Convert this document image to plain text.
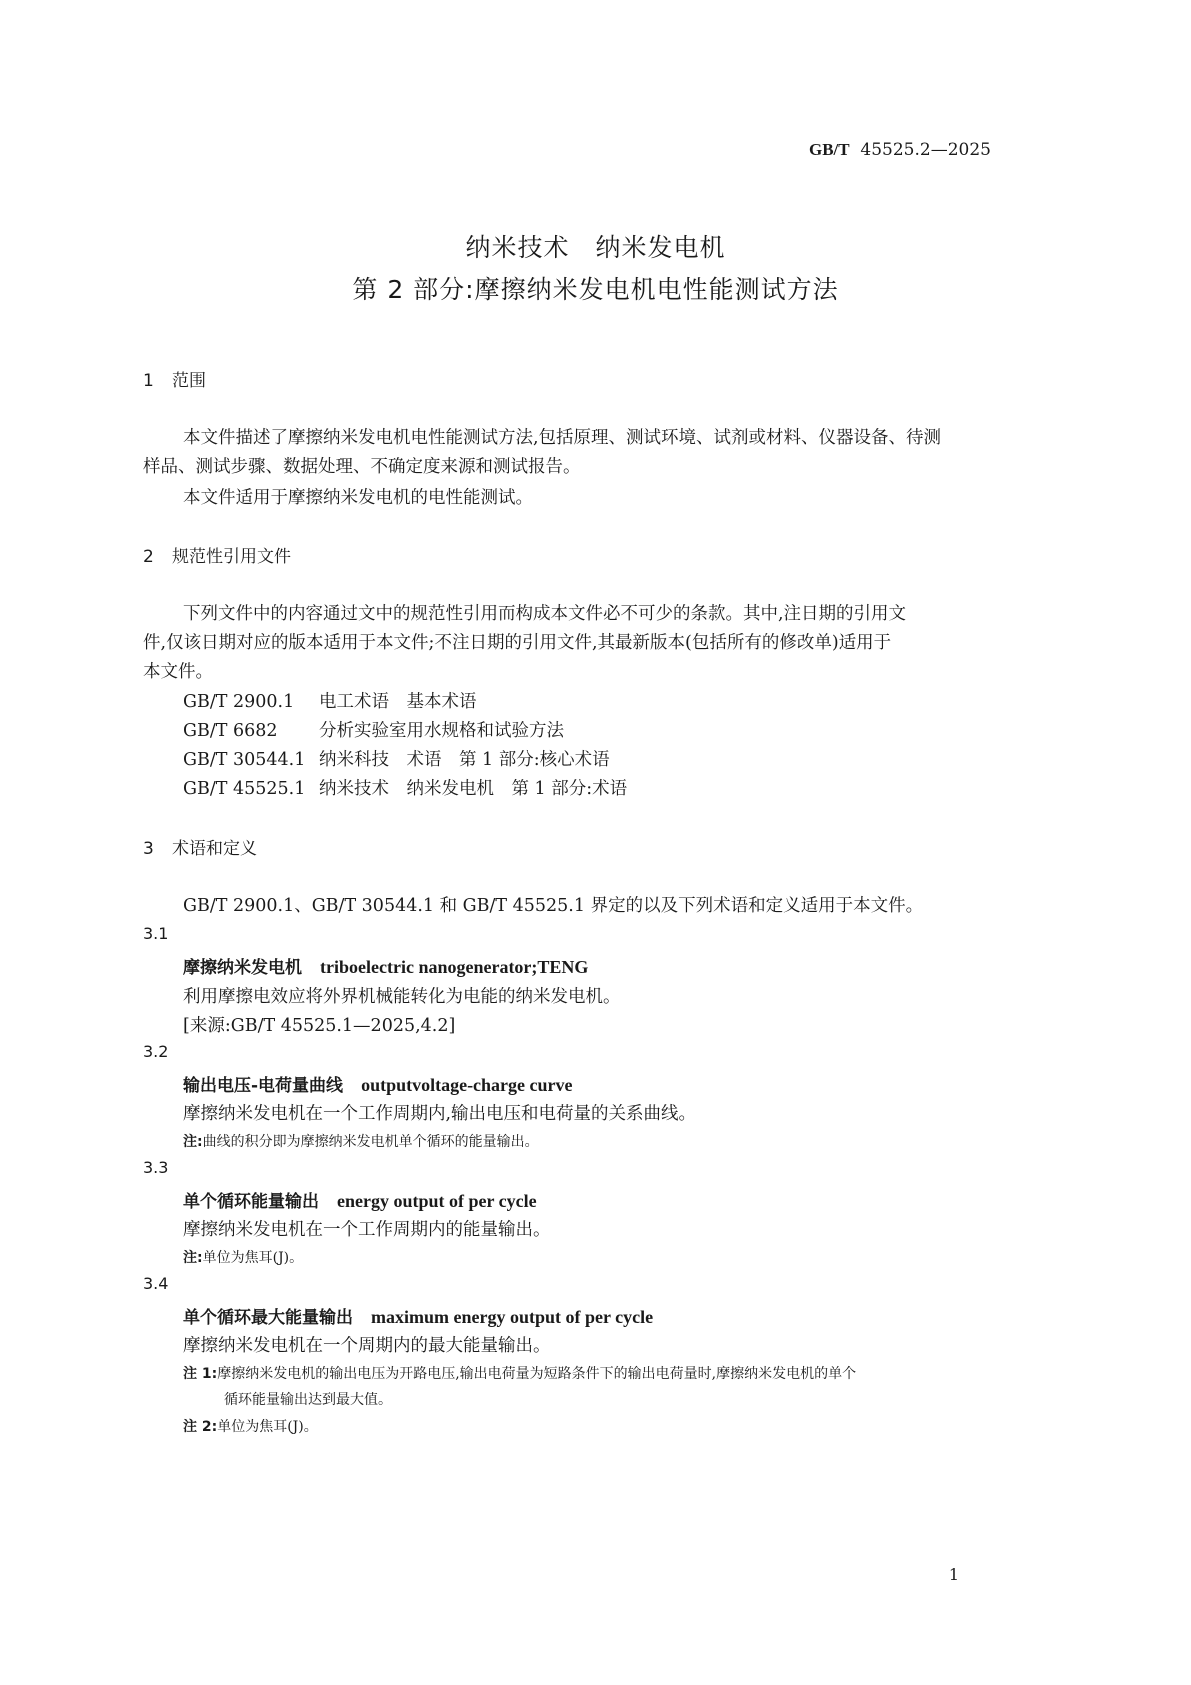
GB/T 45525.2—2025
纳米技术　纳米发电机
第 2 部分:摩擦纳米发电机电性能测试方法
1 范围
本文件描述了摩擦纳米发电机电性能测试方法,包括原理、测试环境、试剂或材料、仪器设备、待测
样品、测试步骤、数据处理、不确定度来源和测试报告。
本文件适用于摩擦纳米发电机的电性能测试。
2 规范性引用文件
下列文件中的内容通过文中的规范性引用而构成本文件必不可少的条款。其中,注日期的引用文
件,仅该日期对应的版本适用于本文件;不注日期的引用文件,其最新版本(包括所有的修改单)适用于
本文件。
GB/T 2900.1 电工术语　基本术语
GB/T 6682 分析实验室用水规格和试验方法
GB/T 30544.1 纳米科技　术语　第 1 部分:核心术语
GB/T 45525.1 纳米技术　纳米发电机　第 1 部分:术语
3 术语和定义
GB/T 2900.1、GB/T 30544.1 和 GB/T 45525.1 界定的以及下列术语和定义适用于本文件。
3.1
摩擦纳米发电机 triboelectric nanogenerator;TENG
利用摩擦电效应将外界机械能转化为电能的纳米发电机。
[来源:GB/T 45525.1—2025,4.2]
3.2
输出电压-电荷量曲线 outputvoltage-charge curve
摩擦纳米发电机在一个工作周期内,输出电压和电荷量的关系曲线。
注:曲线的积分即为摩擦纳米发电机单个循环的能量输出。
3.3
单个循环能量输出 energy output of per cycle
摩擦纳米发电机在一个工作周期内的能量输出。
注:单位为焦耳(J)。
3.4
单个循环最大能量输出 maximum energy output of per cycle
摩擦纳米发电机在一个周期内的最大能量输出。
注 1:摩擦纳米发电机的输出电压为开路电压,输出电荷量为短路条件下的输出电荷量时,摩擦纳米发电机的单个
循环能量输出达到最大值。
注 2:单位为焦耳(J)。
1
